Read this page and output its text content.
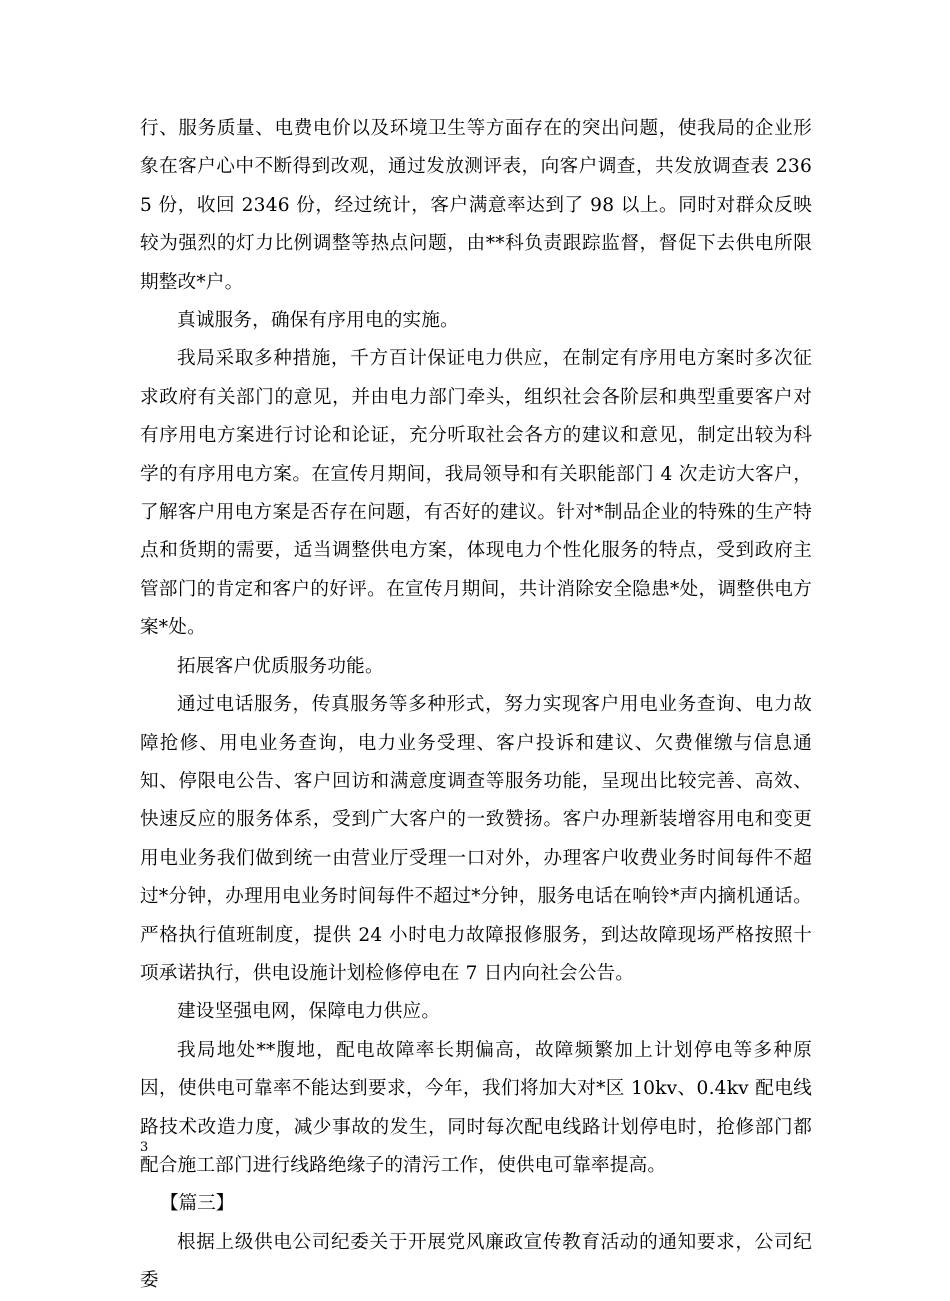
行、服务质量、电费电价以及环境卫生等方面存在的突出问题，使我局的企业形象在客户心中不断得到改观，通过发放测评表，向客户调查，共发放调查表 2365 份，收回 2346 份，经过统计，客户满意率达到了 98 以上。同时对群众反映较为强烈的灯力比例调整等热点问题，由**科负责跟踪监督，督促下去供电所限期整改*户。

真诚服务，确保有序用电的实施。

我局采取多种措施，千方百计保证电力供应，在制定有序用电方案时多次征求政府有关部门的意见，并由电力部门牵头，组织社会各阶层和典型重要客户对有序用电方案进行讨论和论证，充分听取社会各方的建议和意见，制定出较为科学的有序用电方案。在宣传月期间，我局领导和有关职能部门 4 次走访大客户，了解客户用电方案是否存在问题，有否好的建议。针对*制品企业的特殊的生产特点和货期的需要，适当调整供电方案，体现电力个性化服务的特点，受到政府主管部门的肯定和客户的好评。在宣传月期间，共计消除安全隐患*处，调整供电方案*处。

拓展客户优质服务功能。

通过电话服务，传真服务等多种形式，努力实现客户用电业务查询、电力故障抢修、用电业务查询，电力业务受理、客户投诉和建议、欠费催缴与信息通知、停限电公告、客户回访和满意度调查等服务功能，呈现出比较完善、高效、快速反应的服务体系，受到广大客户的一致赞扬。客户办理新装增容用电和变更用电业务我们做到统一由营业厅受理一口对外，办理客户收费业务时间每件不超过*分钟，办理用电业务时间每件不超过*分钟，服务电话在响铃*声内摘机通话。严格执行值班制度，提供 24 小时电力故障报修服务，到达故障现场严格按照十项承诺执行，供电设施计划检修停电在 7 日内向社会公告。

建设坚强电网，保障电力供应。

我局地处**腹地，配电故障率长期偏高，故障频繁加上计划停电等多种原因，使供电可靠率不能达到要求，今年，我们将加大对*区 10kv、0.4kv 配电线路技术改造力度，减少事故的发生，同时每次配电线路计划停电时，抢修部门都配合施工部门进行线路绝缘子的清污工作，使供电可靠率提高。

【篇三】

根据上级供电公司纪委关于开展党风廉政宣传教育活动的通知要求，公司纪委

3
